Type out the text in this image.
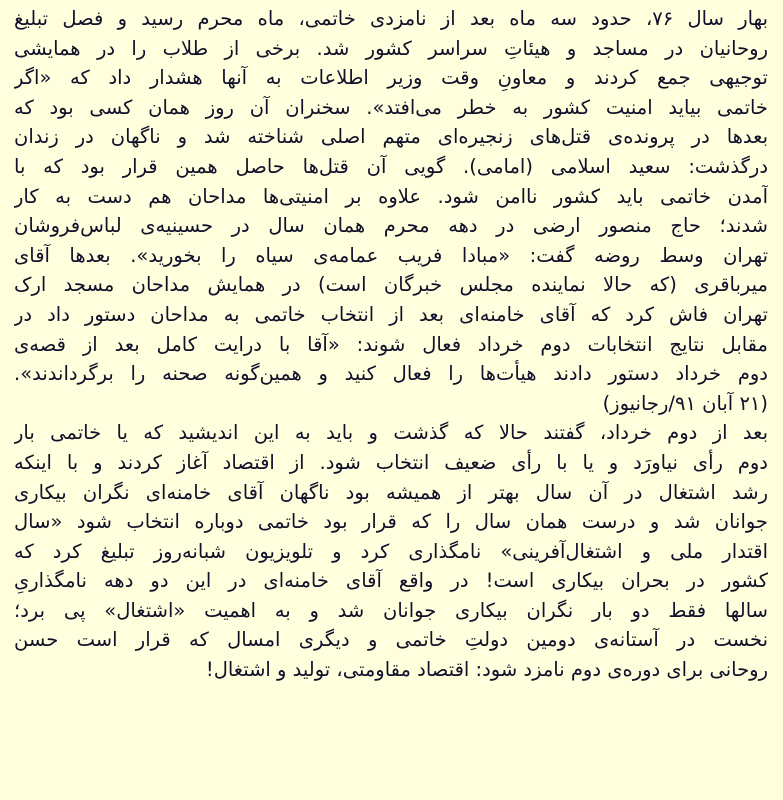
بهار سال ۷۶، حدود سه ماه بعد از نامزدی خاتمی، ماه محرم رسید و فصل تبلیغ
روحانیان در مساجد و هیئاتِ سراسر کشور شد. برخی از طلاب را در همایشی
توجیهی جمع کردند و معاونِ وقت وزیر اطلاعات به آنها هشدار داد که «اگر
خاتمی بیاید امنیت کشور به خطر می‌افتد». سخنران آن روز همان کسی بود که
بعدها در پرونده‌ی قتل‌های زنجیره‌ای متهم اصلی شناخته شد و ناگهان در زندان
درگذشت: سعید اسلامی (امامی). گویی آن قتل‌ها حاصل همین قرار بود که با
آمدن خاتمی باید کشور ناامن شود. علاوه بر امنیتی‌ها مداحان هم دست به کار
شدند؛ حاج منصور ارضی در دهه محرم همان سال در حسینیه‌ی لباس‌فروشان
تهران وسط روضه گفت: «مبادا فریب عمامه‌ی سیاه را بخورید». بعدها آقای
میرباقری (که حالا نماینده مجلس خبرگان است) در همایش مداحان مسجد ارک
تهران فاش کرد که آقای خامنه‌ای بعد از انتخاب خاتمی به مداحان دستور داد در
مقابل نتایج انتخابات دوم خرداد فعال شوند: «آقا با درایت کامل بعد از قصه‌ی
دوم خرداد دستور دادند هیأت‌ها را فعال کنید و همین‌گونه صحنه را برگرداندند».
(۲۱ آبان ۹۱/رجانیوز)
بعد از دوم خرداد، گفتند حالا که گذشت و باید به این اندیشید که یا خاتمی بار
دوم رأی نیاورَد و یا با رأی ضعیف انتخاب شود. از اقتصاد آغاز کردند و با اینکه
رشد اشتغال در آن سال بهتر از همیشه بود ناگهان آقای خامنه‌ای نگران بیکاری
جوانان شد و درست همان سال را که قرار بود خاتمی دوباره انتخاب شود «سال
اقتدار ملی و اشتغال‌آفرینی» نامگذاری کرد و تلویزیون شبانه‌روز تبلیغ کرد که
کشور در بحران بیکاری است! در واقع آقای خامنه‌ای در این دو دهه نامگذاریِ
سالها فقط دو بار نگران بیکاری جوانان شد و به اهمیت «اشتغال» پی برد؛
نخست در آستانه‌ی دومین دولتِ خاتمی و دیگری امسال که قرار است حسن
روحانی برای دوره‌ی دوم نامزد شود: اقتصاد مقاومتی، تولید و اشتغال!
